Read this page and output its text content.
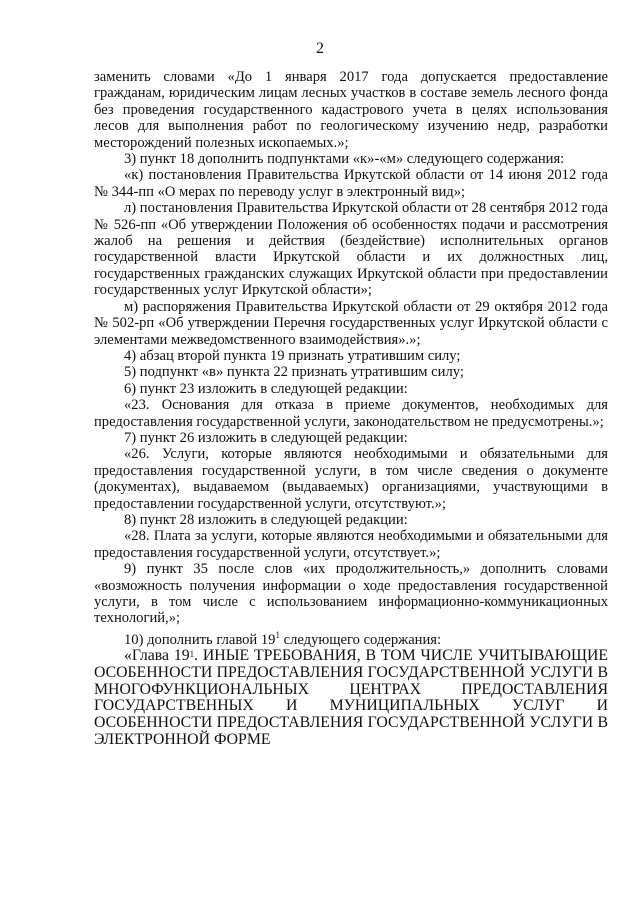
2

заменить словами «До 1 января 2017 года допускается предоставление гражданам, юридическим лицам лесных участков в составе земель лесного фонда без проведения государственного кадастрового учета в целях использования лесов для выполнения работ по геологическому изучению недр, разработки месторождений полезных ископаемых.»;

3) пункт 18 дополнить подпунктами «к»-«м» следующего содержания:

«к) постановления Правительства Иркутской области от 14 июня 2012 года № 344-пп «О мерах по переводу услуг в электронный вид»;

л) постановления Правительства Иркутской области от 28 сентября 2012 года № 526-пп «Об утверждении Положения об особенностях подачи и рассмотрения жалоб на решения и действия (бездействие) исполнительных органов государственной власти Иркутской области и их должностных лиц, государственных гражданских служащих Иркутской области при предоставлении государственных услуг Иркутской области»;

м) распоряжения Правительства Иркутской области от 29 октября 2012 года № 502-рп «Об утверждении Перечня государственных услуг Иркутской области с элементами межведомственного взаимодействия».»;

4) абзац второй пункта 19 признать утратившим силу;

5) подпункт «в» пункта 22 признать утратившим силу;

6) пункт 23 изложить в следующей редакции:

«23. Основания для отказа в приеме документов, необходимых для предоставления государственной услуги, законодательством не предусмотрены.»;

7) пункт 26 изложить в следующей редакции:

«26. Услуги, которые являются необходимыми и обязательными для предоставления государственной услуги, в том числе сведения о документе (документах), выдаваемом (выдаваемых) организациями, участвующими в предоставлении государственной услуги, отсутствуют.»;

8) пункт 28 изложить в следующей редакции:

«28. Плата за услуги, которые являются необходимыми и обязательными для предоставления государственной услуги, отсутствует.»;

9) пункт 35 после слов «их продолжительность,» дополнить словами «возможность получения информации о ходе предоставления государственной услуги, в том числе с использованием информационно-коммуникационных технологий,»;

10) дополнить главой $19^1$ следующего содержания:

«Глава $19^1$. ИНЫЕ ТРЕБОВАНИЯ, В ТОМ ЧИСЛЕ УЧИТЫВАЮЩИЕ ОСОБЕННОСТИ ПРЕДОСТАВЛЕНИЯ ГОСУДАРСТВЕННОЙ УСЛУГИ В МНОГОФУНКЦИОНАЛЬНЫХ ЦЕНТРАХ ПРЕДОСТАВЛЕНИЯ ГОСУДАРСТВЕННЫХ И МУНИЦИПАЛЬНЫХ УСЛУГ И ОСОБЕННОСТИ ПРЕДОСТАВЛЕНИЯ ГОСУДАРСТВЕННОЙ УСЛУГИ В ЭЛЕКТРОННОЙ ФОРМЕ
